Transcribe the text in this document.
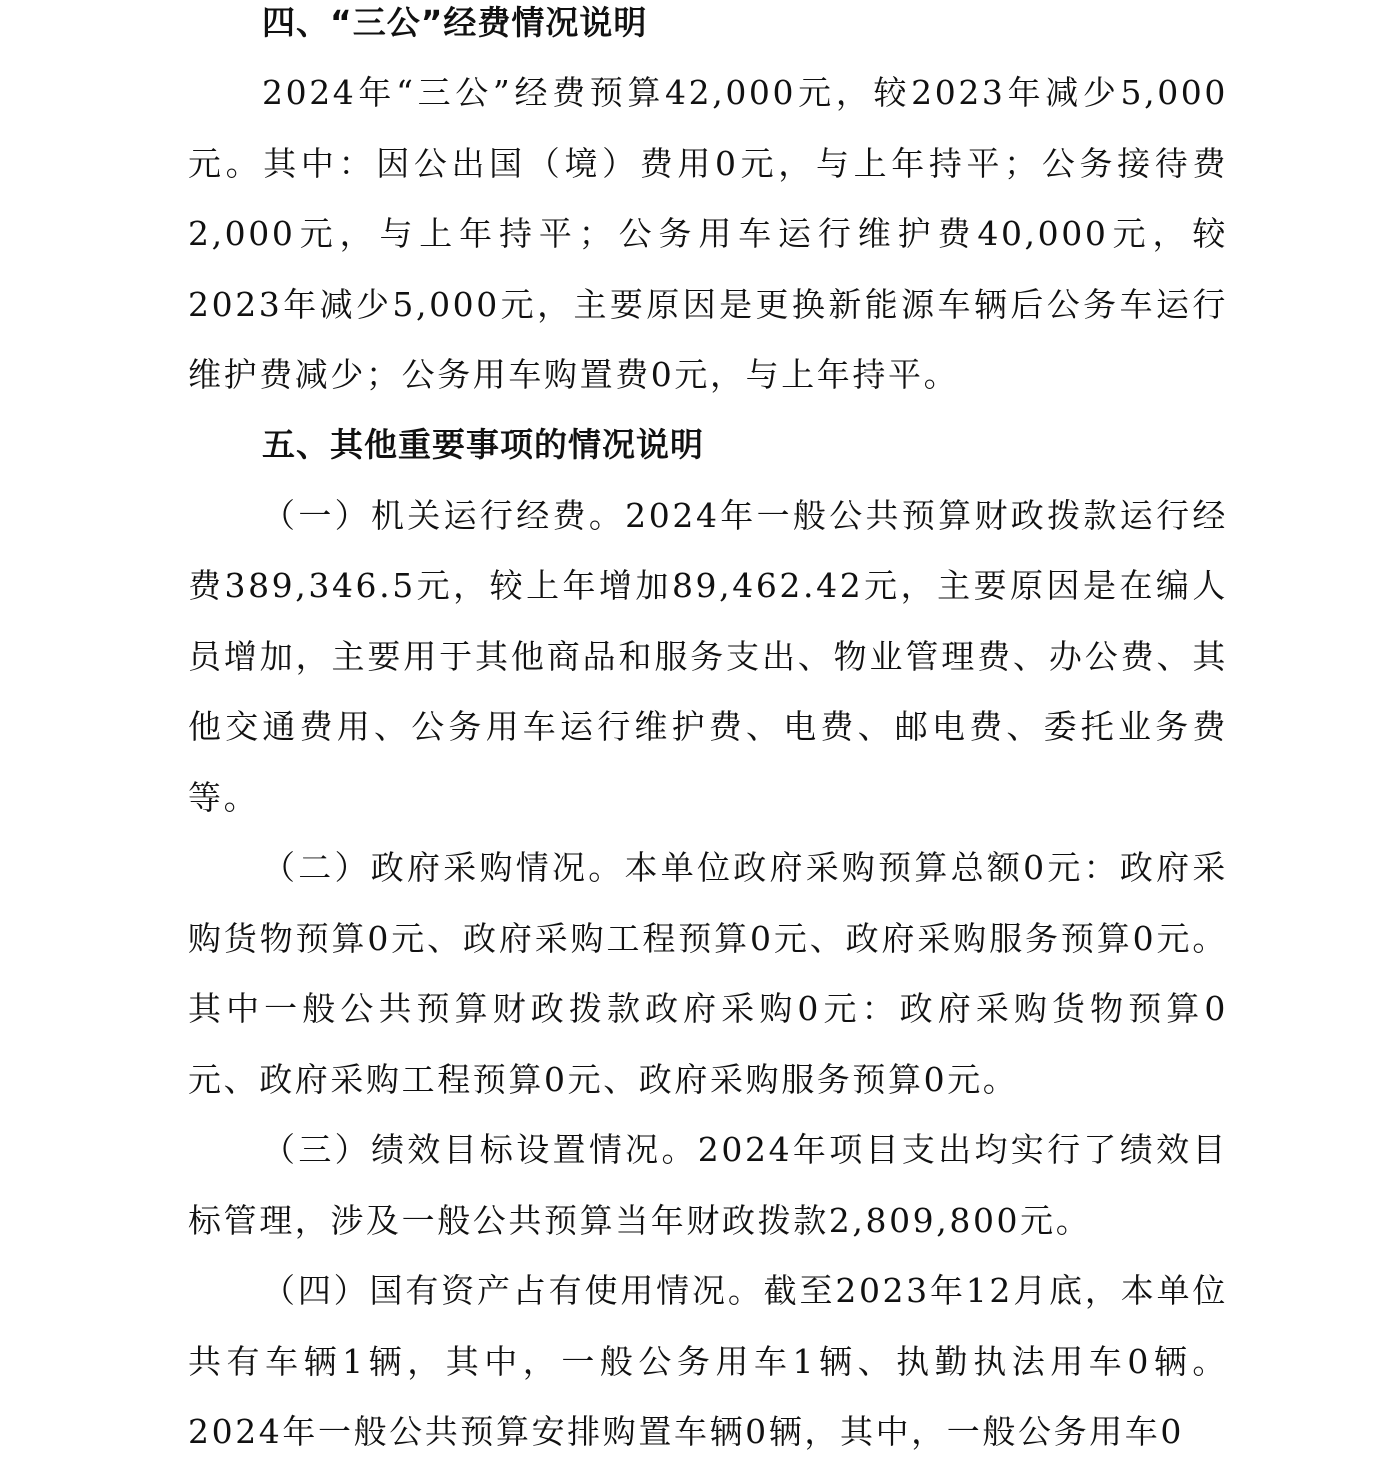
四、“三公”经费情况说明

2024年“三公”经费预算42,000元，较2023年减少5,000元。其中：因公出国（境）费用0元，与上年持平；公务接待费2,000元，与上年持平；公务用车运行维护费40,000元，较2023年减少5,000元，主要原因是更换新能源车辆后公务车运行维护费减少；公务用车购置费0元，与上年持平。

五、其他重要事项的情况说明

（一）机关运行经费。2024年一般公共预算财政拨款运行经费389,346.5元，较上年增加89,462.42元，主要原因是在编人员增加，主要用于其他商品和服务支出、物业管理费、办公费、其他交通费用、公务用车运行维护费、电费、邮电费、委托业务费等。

（二）政府采购情况。本单位政府采购预算总额0元：政府采购货物预算0元、政府采购工程预算0元、政府采购服务预算0元。其中一般公共预算财政拨款政府采购0元：政府采购货物预算0元、政府采购工程预算0元、政府采购服务预算0元。

（三）绩效目标设置情况。2024年项目支出均实行了绩效目标管理，涉及一般公共预算当年财政拨款2,809,800元。

（四）国有资产占有使用情况。截至2023年12月底，本单位共有车辆1辆，其中，一般公务用车1辆、执勤执法用车0辆。2024年一般公共预算安排购置车辆0辆，其中，一般公务用车0
